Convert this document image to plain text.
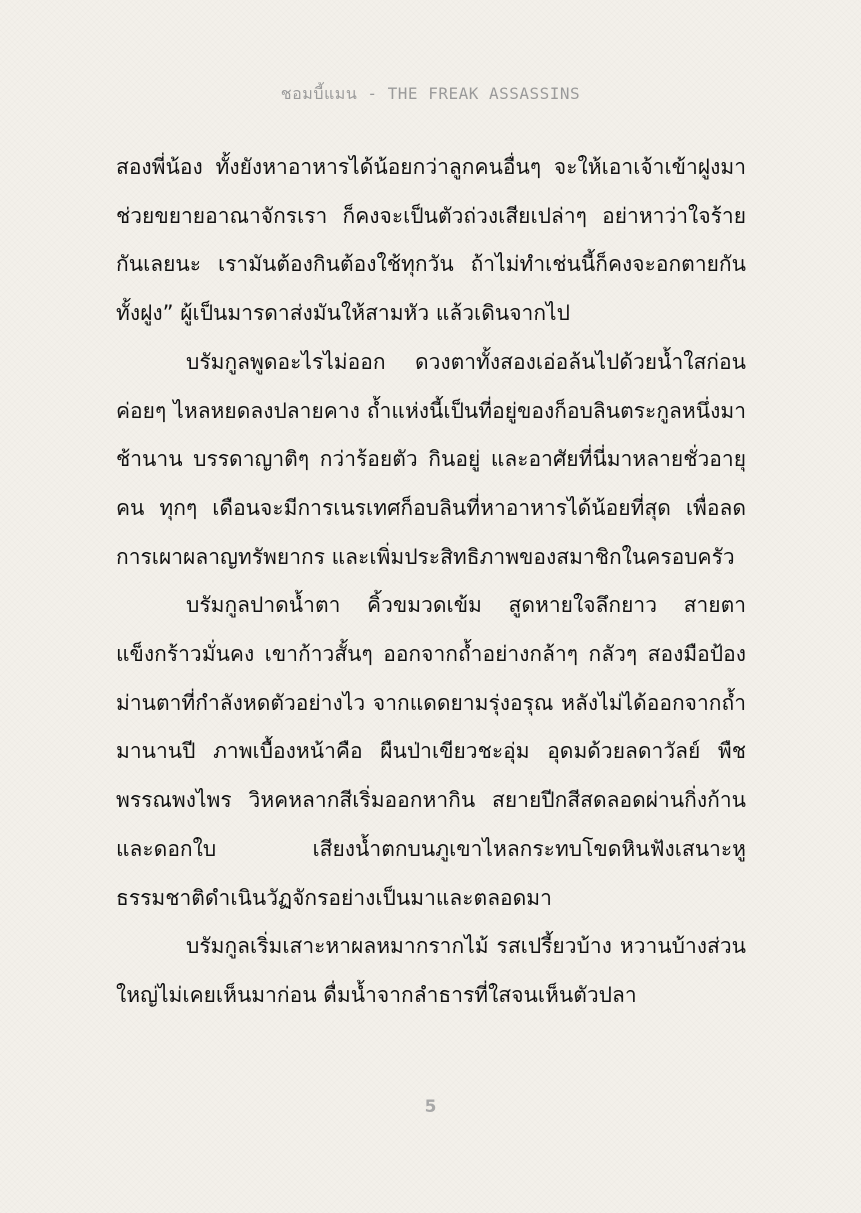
ชอมบี้แมน - THE FREAK ASSASSINS

สองพี่น้อง ทั้งยังหาอาหารได้น้อยกว่าลูกคนอื่นๆ จะให้เอาเจ้าเข้าฝูงมาช่วยขยายอาณาจักรเรา ก็คงจะเป็นตัวถ่วงเสียเปล่าๆ อย่าหาว่าใจร้ายกันเลยนะ เรามันต้องกินต้องใช้ทุกวัน ถ้าไม่ทำเช่นนี้ก็คงจะอกตายกันทั้งฝูง” ผู้เป็นมารดาส่งมันให้สามหัว แล้วเดินจากไป

บรัมกูลพูดอะไรไม่ออก ดวงตาทั้งสองเอ่อล้นไปด้วยน้ำใสก่อนค่อยๆ ไหลหยดลงปลายคาง ถ้ำแห่งนี้เป็นที่อยู่ของก็อบลินตระกูลหนึ่งมาช้านาน บรรดาญาติๆ กว่าร้อยตัว กินอยู่ และอาศัยที่นี่มาหลายชั่วอายุคน ทุกๆ เดือนจะมีการเนรเทศก็อบลินที่หาอาหารได้น้อยที่สุด เพื่อลดการเผาผลาญทรัพยากร และเพิ่มประสิทธิภาพของสมาชิกในครอบครัว

บรัมกูลปาดน้ำตา คิ้วขมวดเข้ม สูดหายใจลึกยาว สายตาแข็งกร้าวมั่นคง เขาก้าวสั้นๆ ออกจากถ้ำอย่างกล้าๆ กลัวๆ สองมือป้องม่านตาที่กำลังหดตัวอย่างไว จากแดดยามรุ่งอรุณ หลังไม่ได้ออกจากถ้ำมานานปี ภาพเบื้องหน้าคือ ผืนป่าเขียวชะอุ่ม อุดมด้วยลดาวัลย์ พืชพรรณพงไพร วิหคหลากสีเริ่มออกหากิน สยายปีกสีสดลอดผ่านกิ่งก้านและดอกใบ เสียงน้ำตกบนภูเขาไหลกระทบโขดหินฟังเสนาะหู ธรรมชาติดำเนินวัฏจักรอย่างเป็นมาและตลอดมา

บรัมกูลเริ่มเสาะหาผลหมากรากไม้ รสเปรี้ยวบ้าง หวานบ้างส่วนใหญ่ไม่เคยเห็นมาก่อน ดื่มน้ำจากลำธารที่ใสจนเห็นตัวปลา

5
